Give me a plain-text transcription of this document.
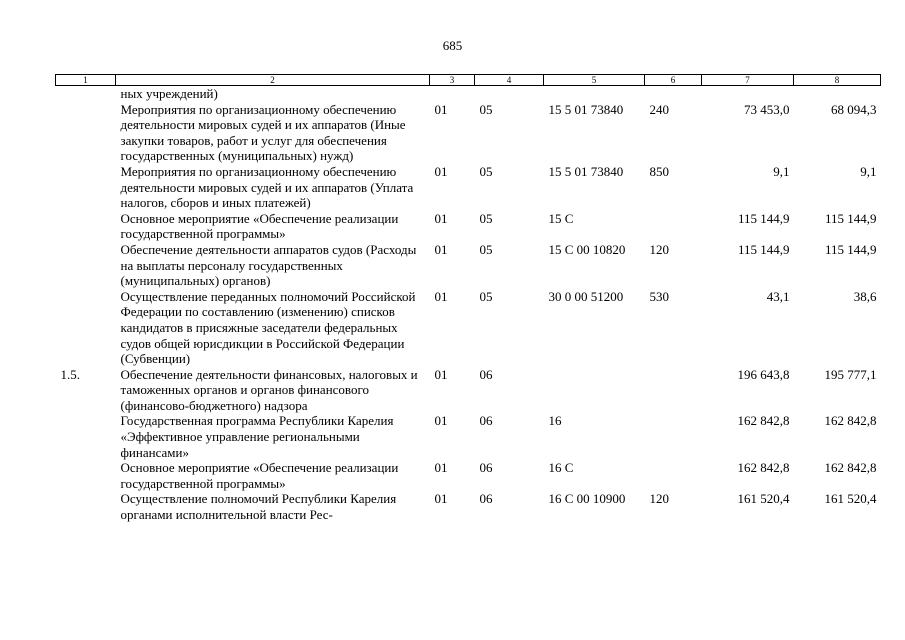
685
1	2	3	4	5	6	7	8
	ных учреждений)						
	Мероприятия по организационному обеспечению деятельности мировых судей и их аппаратов (Иные закупки товаров, работ и услуг для обеспечения государственных (муниципальных) нужд)	01	05	15 5 01 73840	240	73 453,0	68 094,3
	Мероприятия по организационному обеспечению деятельности мировых судей и их аппаратов (Уплата налогов, сборов и иных платежей)	01	05	15 5 01 73840	850	9,1	9,1
	Основное мероприятие «Обеспечение реализации государственной программы»	01	05	15 С		115 144,9	115 144,9
	Обеспечение деятельности аппаратов судов (Расходы на выплаты персоналу государственных (муниципальных) органов)	01	05	15 С 00 10820	120	115 144,9	115 144,9
	Осуществление переданных полномочий Российской Федерации по составлению (изменению) списков кандидатов в присяжные заседатели федеральных судов общей юрисдикции в Российской Федерации (Субвенции)	01	05	30 0 00 51200	530	43,1	38,6
1.5.	Обеспечение деятельности финансовых, налоговых и таможенных органов и органов финансового (финансово-бюджетного) надзора	01	06			196 643,8	195 777,1
	Государственная программа Республики Карелия «Эффективное управление региональными финансами»	01	06	16		162 842,8	162 842,8
	Основное мероприятие «Обеспечение реализации государственной программы»	01	06	16 С		162 842,8	162 842,8
	Осуществление полномочий Республики Карелия органами исполнительной власти Рес-	01	06	16 С 00 10900	120	161 520,4	161 520,4
